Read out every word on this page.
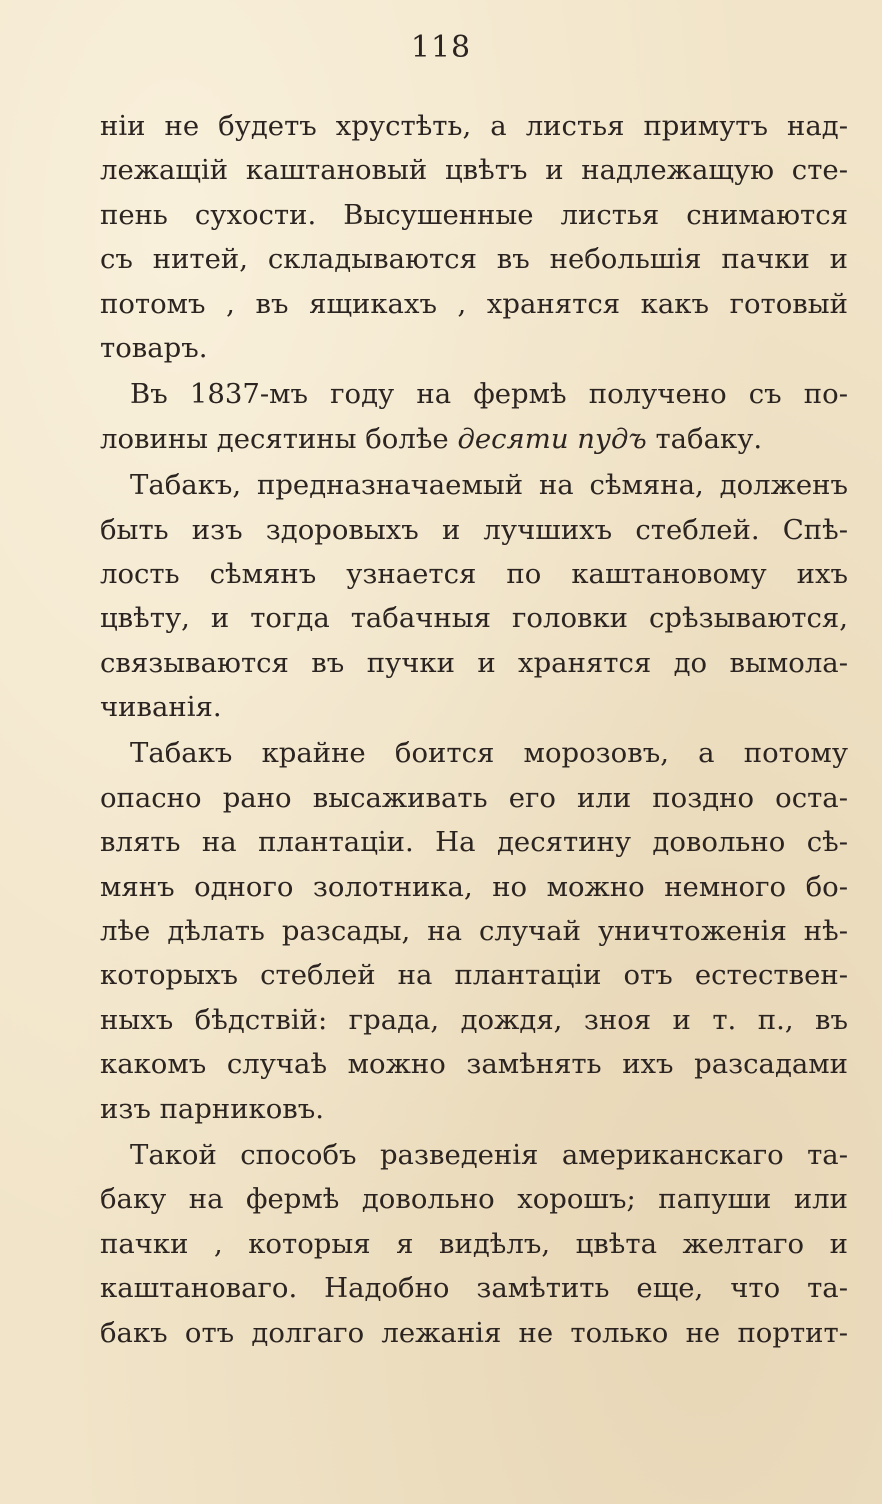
118
нiи не будетъ хрустѣть, а листья примутъ над-
лежащiй каштановый цвѣтъ и надлежащую сте-
пень сухости. Высушенные листья снимаются
съ нитей, складываются въ небольшiя пачки и
потомъ , въ ящикахъ , хранятся какъ готовый
товаръ.
Въ 1837-мъ году на фермѣ получено съ по-
ловины десятины болѣе десяти пудъ табаку.
Табакъ, предназначаемый на сѣмяна, долженъ
быть изъ здоровыхъ и лучшихъ стеблей. Спѣ-
лость сѣмянъ узнается по каштановому ихъ
цвѣту, и тогда табачныя головки срѣзываются,
связываются въ пучки и хранятся до вымола-
чиванiя.
Табакъ крайне боится морозовъ, а потому
опасно рано высаживать его или поздно оста-
влять на плантацiи. На десятину довольно сѣ-
мянъ одного золотника, но можно немного бо-
лѣе дѣлать разсады, на случай уничтоженiя нѣ-
которыхъ стеблей на плантацiи отъ естествен-
ныхъ бѣдствiй: града, дождя, зноя и т. п., въ
какомъ случаѣ можно замѣнять ихъ разсадами
изъ парниковъ.
Такой способъ разведенiя американскаго та-
баку на фермѣ довольно хорошъ; папуши или
пачки , которыя я видѣлъ, цвѣта желтаго и
каштановаго. Надобно замѣтить еще, что та-
бакъ отъ долгаго лежанiя не только не портит-
